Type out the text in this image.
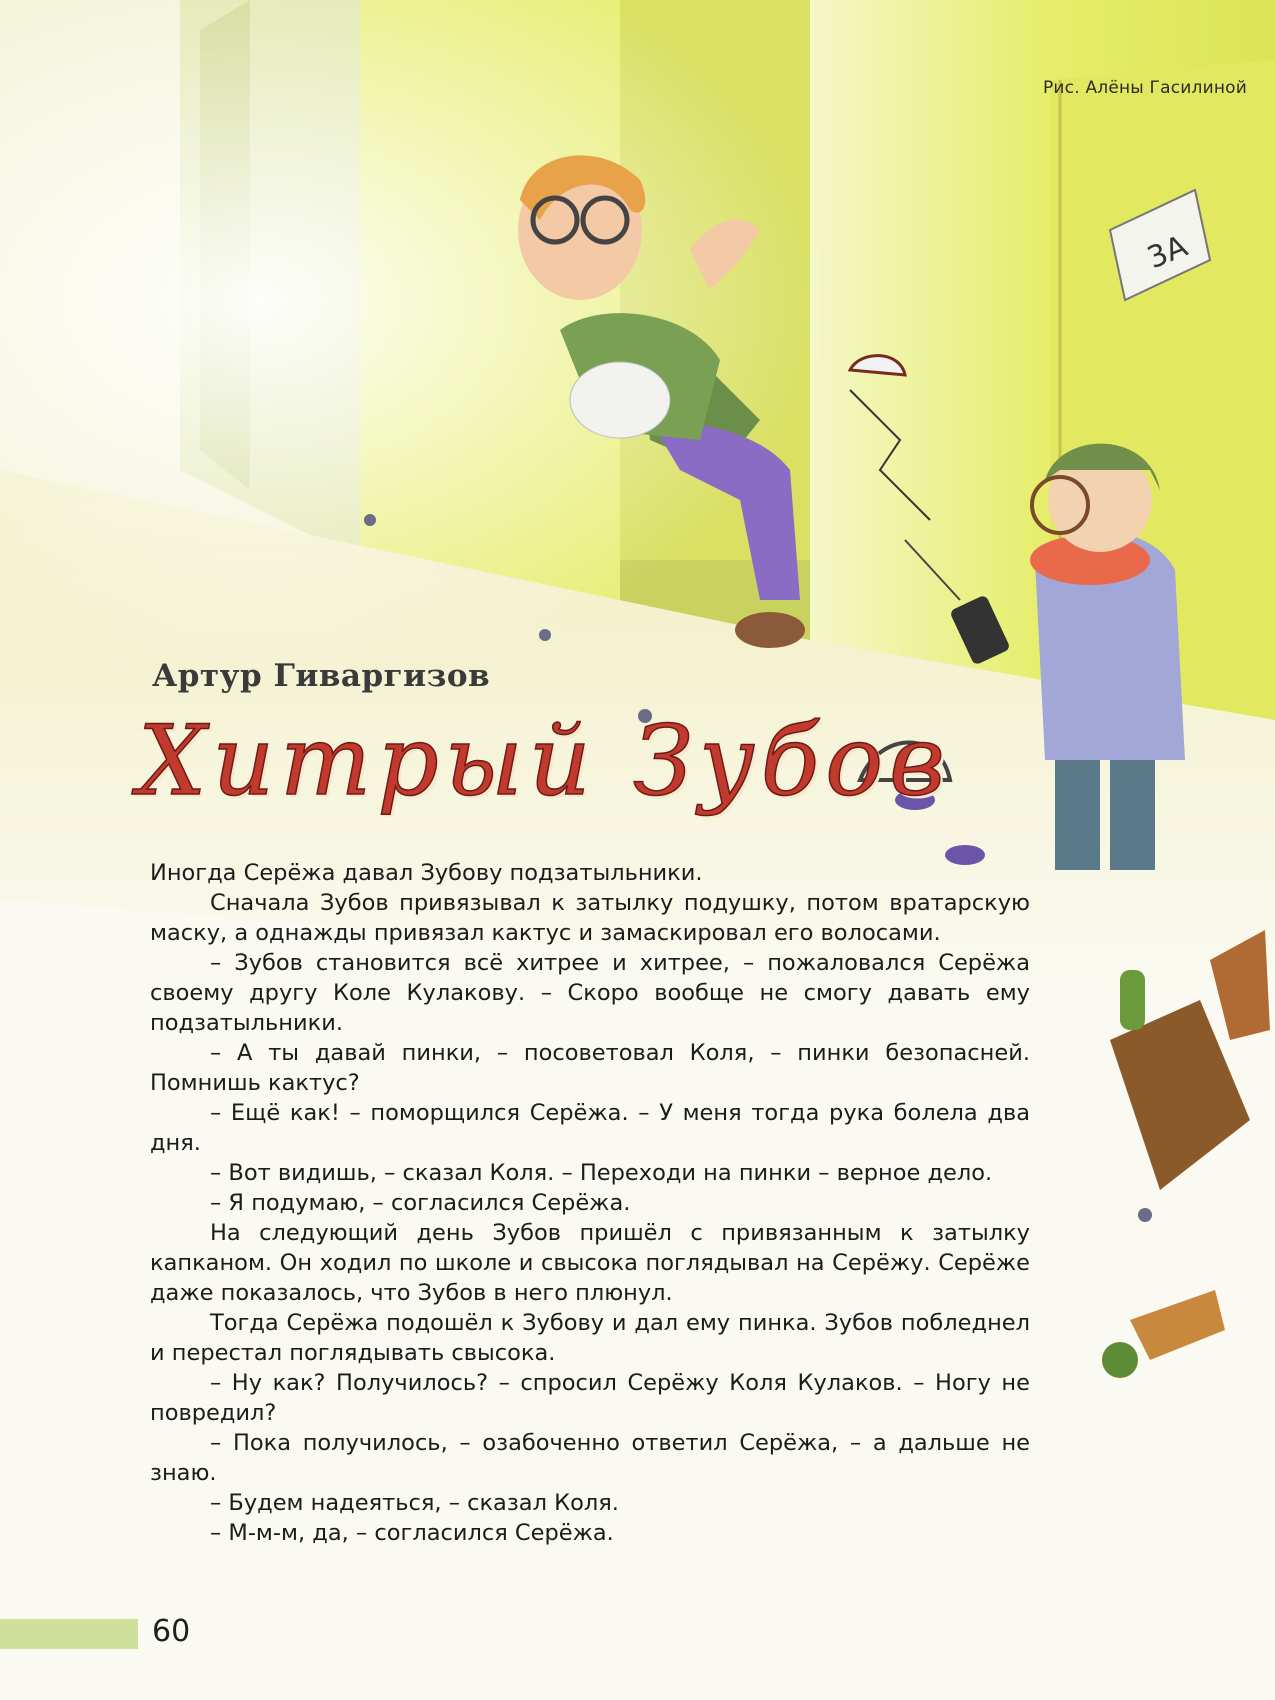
3А
Рис. Алёны Гасилиной
Артур Гиваргизов
Хитрый Зубов

Иногда Серёжа давал Зубову подзатыльники.

Сначала Зубов привязывал к затылку подушку, потом вратарскую маску, а однажды привязал кактус и замаскировал его волосами.

– Зубов становится всё хитрее и хитрее, – пожаловался Серёжа своему другу Коле Кулакову. – Скоро вообще не смогу давать ему подзатыльники.

– А ты давай пинки, – посоветовал Коля, – пинки безопасней. Помнишь кактус?

– Ещё как! – поморщился Серёжа. – У меня тогда рука болела два дня.

– Вот видишь, – сказал Коля. – Переходи на пинки – верное дело.

– Я подумаю, – согласился Серёжа.

На следующий день Зубов пришёл с привязанным к затылку капканом. Он ходил по школе и свысока поглядывал на Серёжу. Серёже даже показалось, что Зубов в него плюнул.

Тогда Серёжа подошёл к Зубову и дал ему пинка. Зубов побледнел и перестал поглядывать свысока.

– Ну как? Получилось? – спросил Серёжу Коля Кулаков. – Ногу не повредил?

– Пока получилось, – озабоченно ответил Серёжа, – а дальше не знаю.

– Будем надеяться, – сказал Коля.

– М-м-м, да, – согласился Серёжа.

60
